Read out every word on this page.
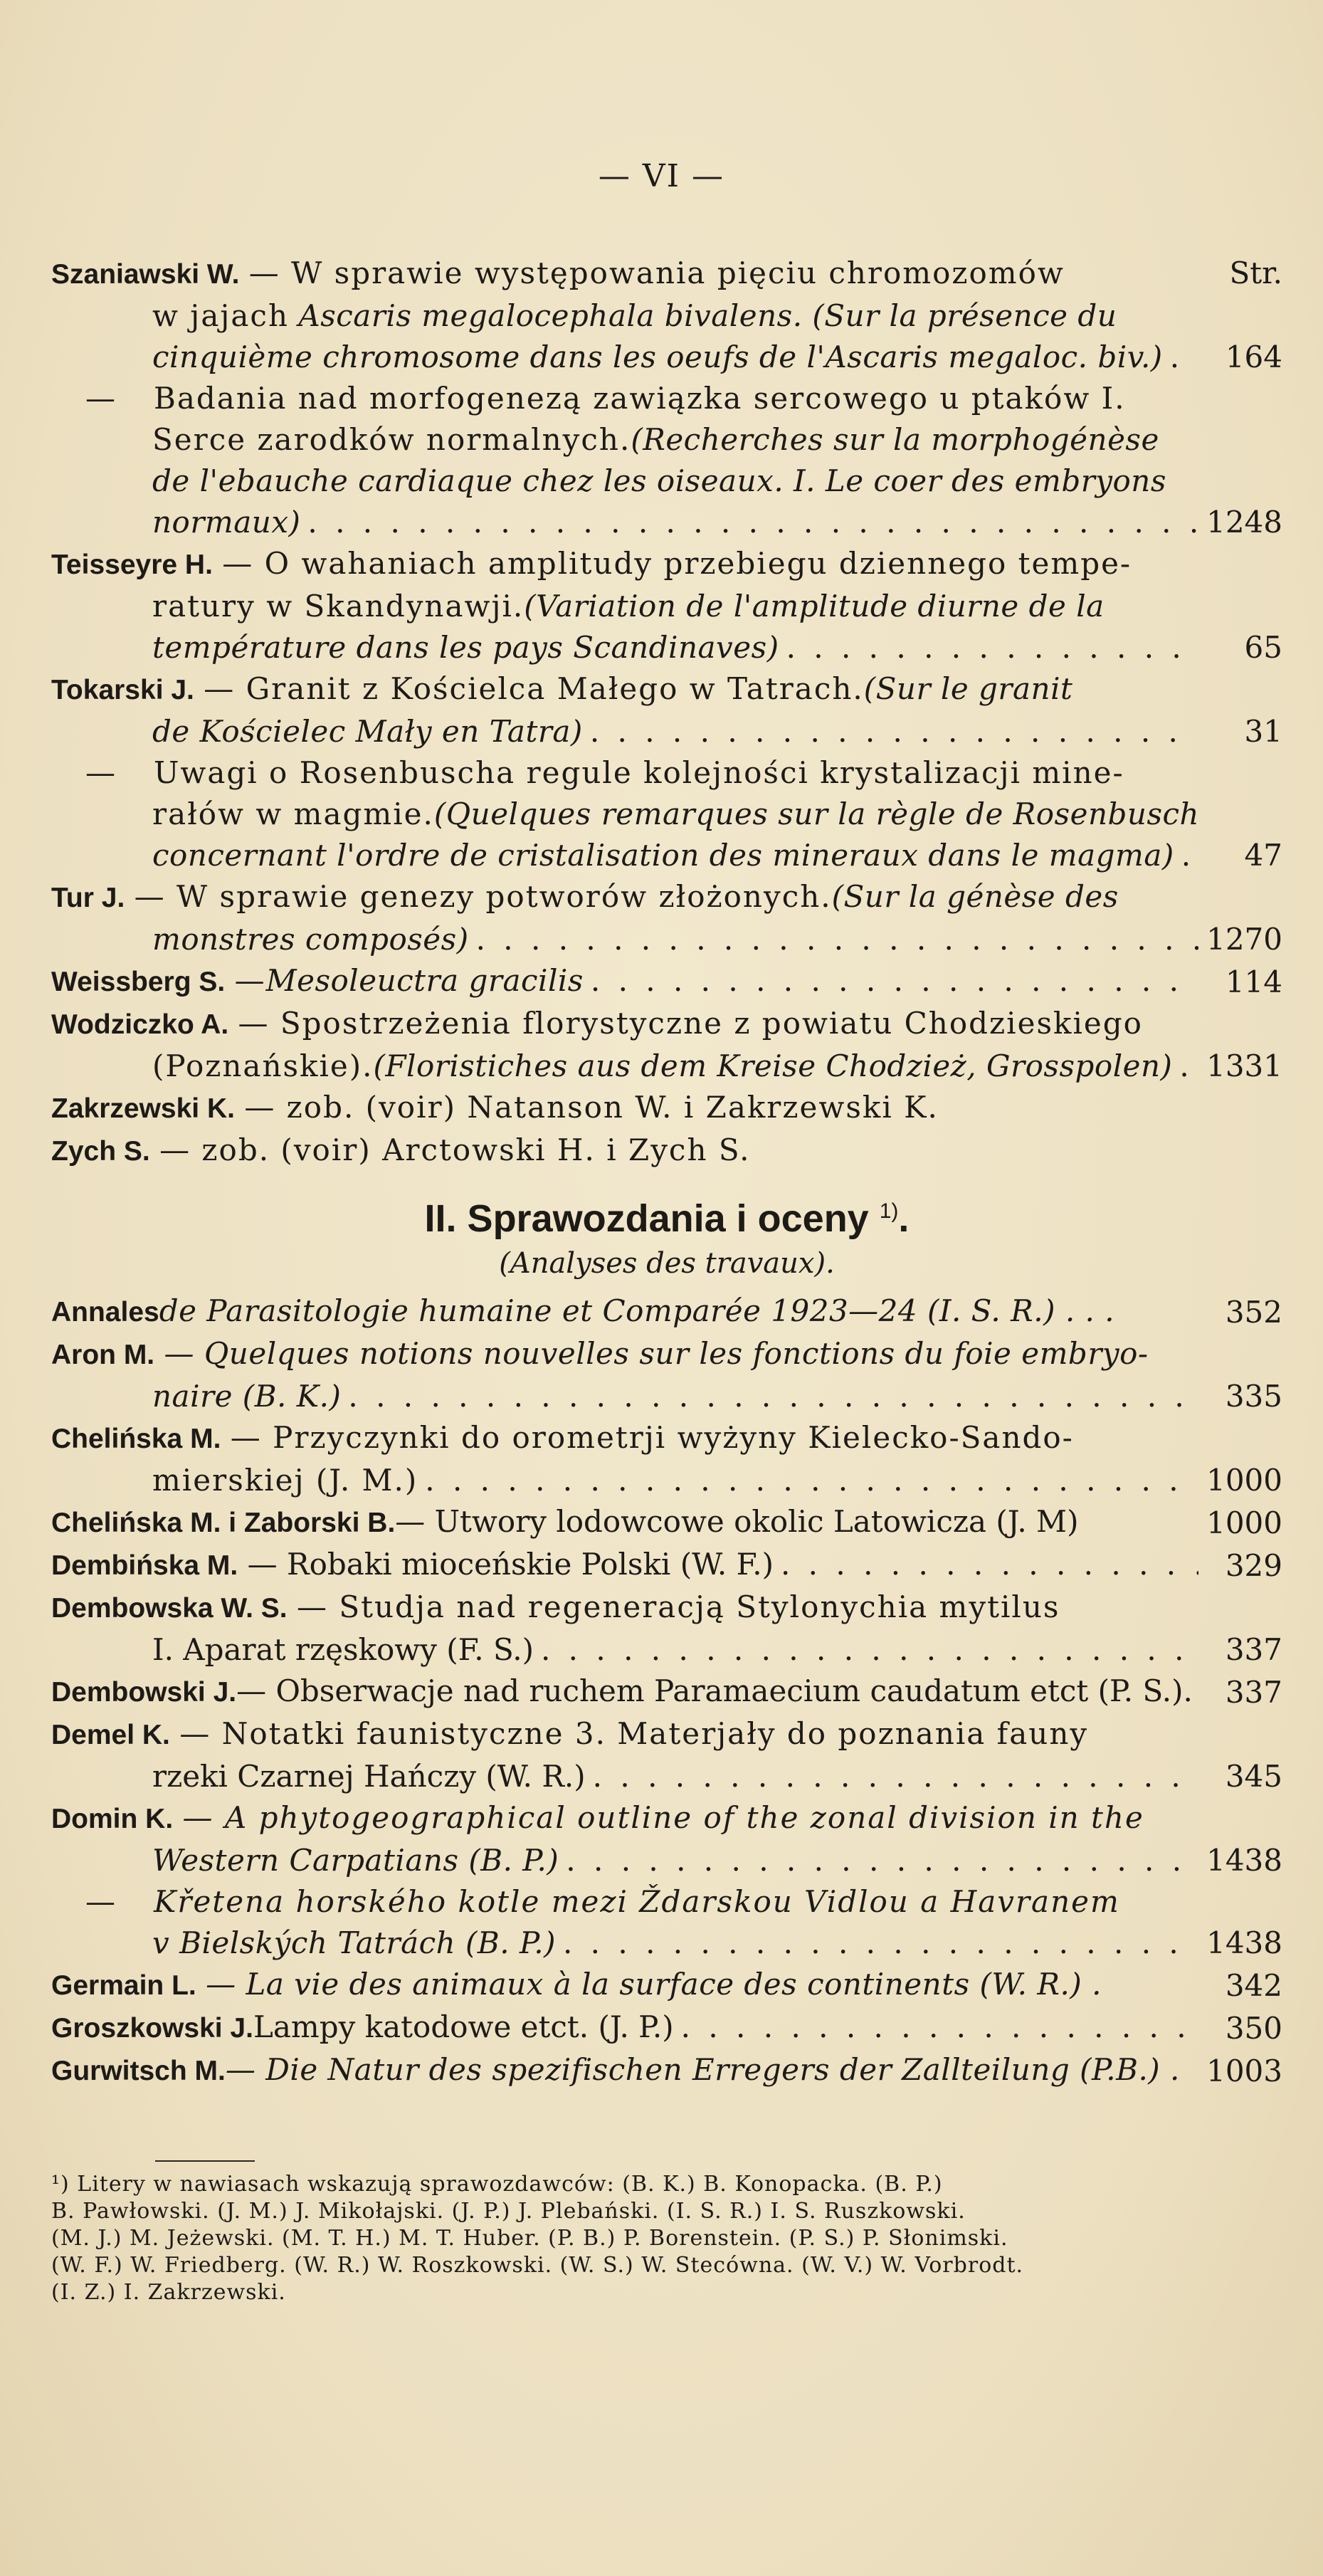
— VI —
Str.
Szaniawski W.
— W sprawie występowania pięciu chromozomów
w jajach
Ascaris megalocephala bivalens. (Sur la présence du
cinquième chromosome dans les oeufs de l'Ascaris megaloc. biv.) . . .	164
—	Badania nad morfogenezą zawiązka sercowego u ptaków I.
Serce zarodków normalnych. (Recherches sur la morphogénèse
de l'ebauche cardiaque chez les oiseaux. I. Le coer des embryons
normaux) . . .	1248
Teisseyre H.
— O wahaniach amplitudy przebiegu dziennego tempe-
ratury w Skandynawji. (Variation de l'amplitude diurne de la
température dans les pays Scandinaves) . . .	65
Tokarski J.
— Granit z Kościelca Małego w Tatrach. (Sur le granit
de Kościelec Mały en Tatra) . . .	31
—	Uwagi o Rosenbuscha regule kolejności krystalizacji mine-
rałów w magmie. (Quelques remarques sur la règle de Rosenbusch
concernant l'ordre de cristalisation des mineraux dans le magma) . . .	47
Tur J.
— W sprawie genezy potworów złożonych. (Sur la génèse des
monstres composés) . . .	1270
Weissberg S.
— Mesoleuctra gracilis . . .	114
Wodziczko A.
— Spostrzeżenia florystyczne z powiatu Chodzieskiego
(Poznańskie). (Floristiches aus dem Kreise Chodzież, Grosspolen) . . . 1331
Zakrzewski K.
— zob. (voir) Natanson W. i Zakrzewski K.
Zych S.
— zob. (voir) Arctowski H. i Zych S.
II. Sprawozdania i oceny $^{1)}$.
(Analyses des travaux).
Annales de Parasitologie humaine et Comparée 1923—24 (I. S. R.) . . .	352
Aron M.
— Quelques notions nouvelles sur les fonctions du foie embryo-
naire (B. K.) . . .	335
Chelińska M.
— Przyczynki do orometrji wyżyny Kielecko-Sando-
mierskiej (J. M.) . . .	1000
Chelińska M. i Zaborski B. — Utwory lodowcowe okolic Latowicza (J. M)	1000
Dembińska M.
— Robaki mioceńskie Polski (W. F.) . . .	329
Dembowska W. S.
— Studja nad regeneracją Stylonychia mytilus
I. Aparat rzęskowy (F. S.) . . .	337
Dembowski J. — Obserwacje nad ruchem Paramaecium caudatum etct (P. S.).	337
Demel K.
— Notatki faunistyczne 3. Materjały do poznania fauny
rzeki Czarnej Hańczy (W. R.) . . .	345
Domin K.
— A phytogeographical outline of the zonal division in the
Western Carpatians (B. P.) . . .	1438
—	Křetena horského kotle mezi Ždarskou Vidlou a Havranem
v Bielských Tatrách (B. P.) . . .	1438
Germain L.
— La vie des animaux à la surface des continents (W. R.) .	342
Groszkowski J. Lampy katodowe etct. (J. P.) . . .	350
Gurwitsch M. — Die Natur des spezifischen Erregers der Zallteilung (P.B.) . 1003
¹) Litery w nawiasach wskazują sprawozdawców: (B. K.) B. Konopacka. (B. P.)
B. Pawłowski. (J. M.) J. Mikołajski. (J. P.) J. Plebański. (I. S. R.) I. S. Ruszkowski.
(M. J.) M. Jeżewski. (M. T. H.) M. T. Huber. (P. B.) P. Borenstein. (P. S.) P. Słonimski.
(W. F.) W. Friedberg. (W. R.) W. Roszkowski. (W. S.) W. Stecówna. (W. V.) W. Vorbrodt.
(I. Z.) I. Zakrzewski.
